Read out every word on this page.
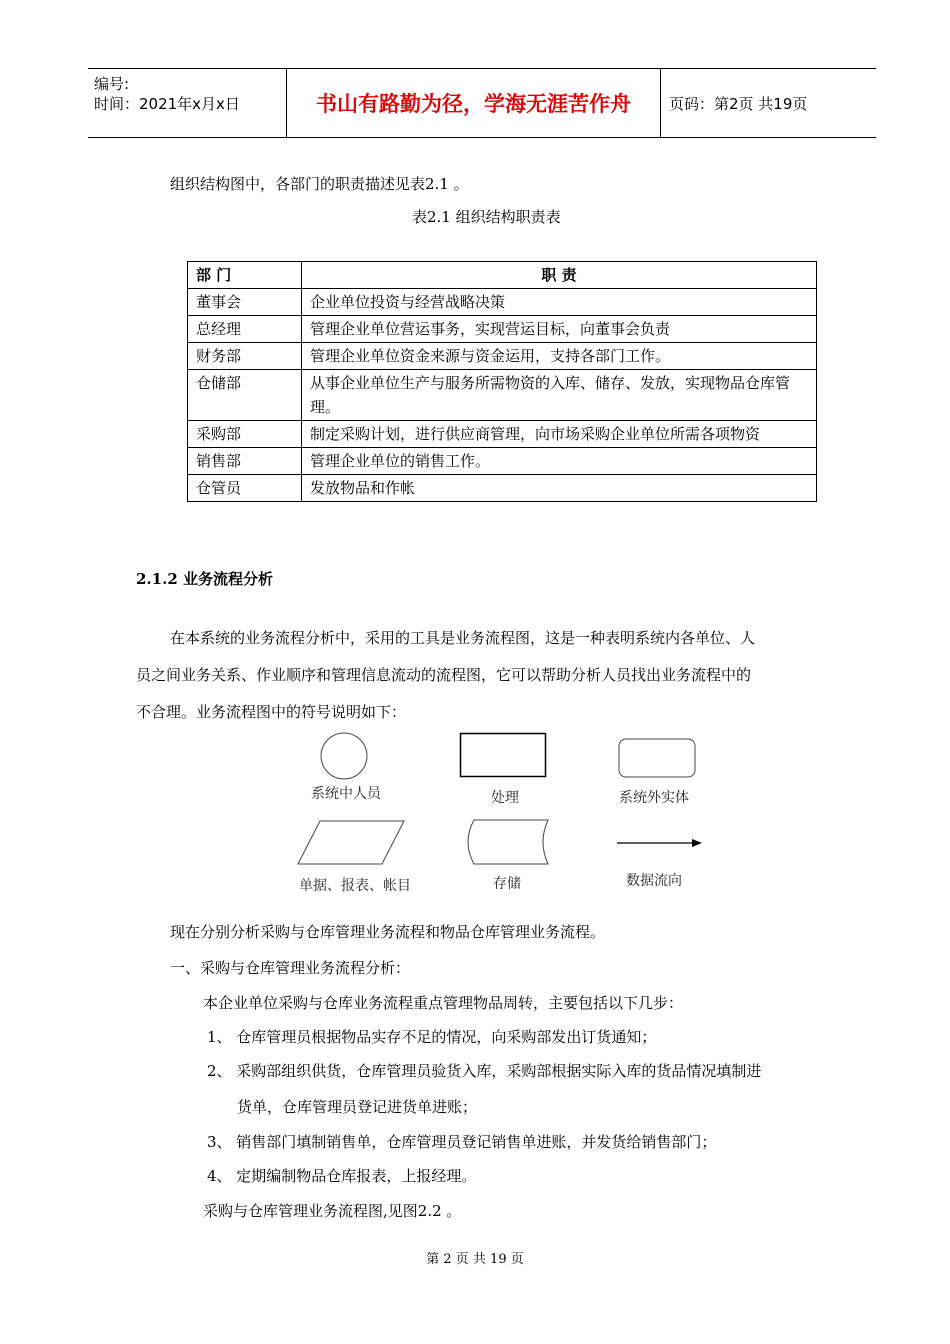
编号:
时间：2021年x月x日	书山有路勤为径，学海无涯苦作舟	页码：第2页 共19页
组织结构图中，各部门的职责描述见表2.1 。
表2.1 组织结构职责表
部 门	职 责
董事会	企业单位投资与经营战略决策
总经理	管理企业单位营运事务，实现营运目标，向董事会负责
财务部	管理企业单位资金来源与资金运用，支持各部门工作。
仓储部	从事企业单位生产与服务所需物资的入库、储存、发放，实现物品仓库管理。
采购部	制定采购计划，进行供应商管理，向市场采购企业单位所需各项物资
销售部	管理企业单位的销售工作。
仓管员	发放物品和作帐
2.1.2 业务流程分析
在本系统的业务流程分析中，采用的工具是业务流程图，这是一种表明系统内各单位、人
员之间业务关系、作业顺序和管理信息流动的流程图，它可以帮助分析人员找出业务流程中的
不合理。业务流程图中的符号说明如下：
系统中人员	处理	系统外实体
单据、报表、帐目	存储	数据流向
现在分别分析采购与仓库管理业务流程和物品仓库管理业务流程。
一、采购与仓库管理业务流程分析：
本企业单位采购与仓库业务流程重点管理物品周转，主要包括以下几步：
1、 仓库管理员根据物品实存不足的情况，向采购部发出订货通知；
2、 采购部组织供货，仓库管理员验货入库，采购部根据实际入库的货品情况填制进
货单，仓库管理员登记进货单进账；
3、 销售部门填制销售单，仓库管理员登记销售单进账，并发货给销售部门；
4、 定期编制物品仓库报表，上报经理。
采购与仓库管理业务流程图,见图2.2 。
第 2 页 共 19 页
